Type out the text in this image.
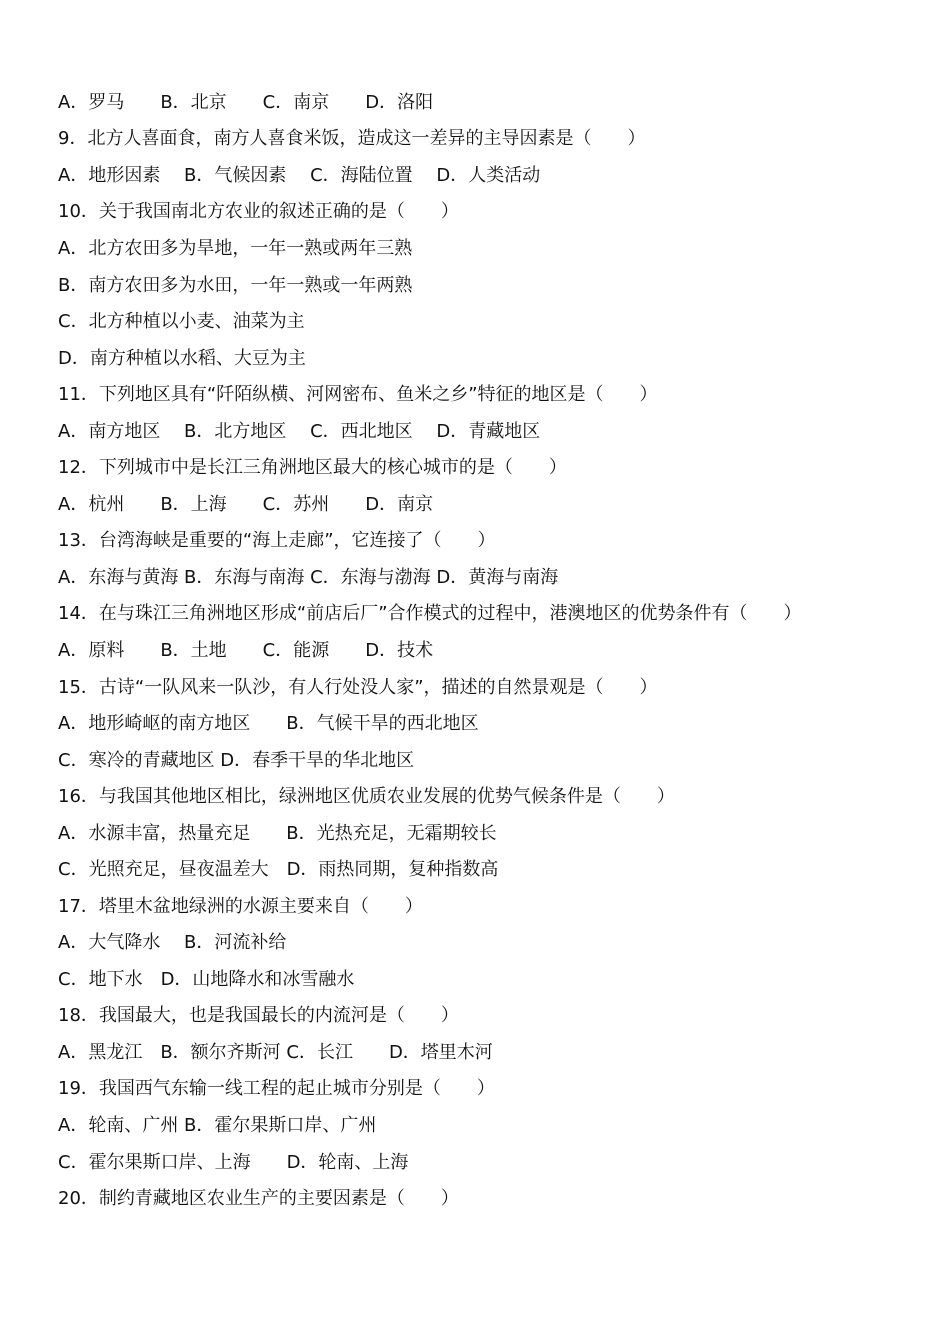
A．罗马　　B．北京　　C．南京　　D．洛阳
9．北方人喜面食，南方人喜食米饭，造成这一差异的主导因素是（　　）
A．地形因素　 B．气候因素　 C．海陆位置　 D．人类活动
10．关于我国南北方农业的叙述正确的是（　　）
A．北方农田多为旱地，一年一熟或两年三熟
B．南方农田多为水田，一年一熟或一年两熟
C．北方种植以小麦、油菜为主
D．南方种植以水稻、大豆为主
11．下列地区具有“阡陌纵横、河网密布、鱼米之乡”特征的地区是（　　）
A．南方地区　 B．北方地区　 C．西北地区　 D．青藏地区
12．下列城市中是长江三角洲地区最大的核心城市的是（　　）
A．杭州　　B．上海　　C．苏州　　D．南京
13．台湾海峡是重要的“海上走廊”，它连接了（　　）
A．东海与黄海 B．东海与南海 C．东海与渤海 D．黄海与南海
14．在与珠江三角洲地区形成“前店后厂”合作模式的过程中，港澳地区的优势条件有（　　）
A．原料　　B．土地　　C．能源　　D．技术
15．古诗“一队风来一队沙，有人行处没人家”，描述的自然景观是（　　）
A．地形崎岖的南方地区　　B．气候干旱的西北地区
C．寒冷的青藏地区 D．春季干旱的华北地区
16．与我国其他地区相比，绿洲地区优质农业发展的优势气候条件是（　　）
A．水源丰富，热量充足　　B．光热充足，无霜期较长
C．光照充足，昼夜温差大　D．雨热同期，复种指数高
17．塔里木盆地绿洲的水源主要来自（　　）
A．大气降水　 B．河流补给
C．地下水　D．山地降水和冰雪融水
18．我国最大，也是我国最长的内流河是（　　）
A．黑龙江　B．额尔齐斯河 C．长江　　D．塔里木河
19．我国西气东输一线工程的起止城市分别是（　　）
A．轮南、广州 B．霍尔果斯口岸、广州
C．霍尔果斯口岸、上海　　D．轮南、上海
20．制约青藏地区农业生产的主要因素是（　　）
